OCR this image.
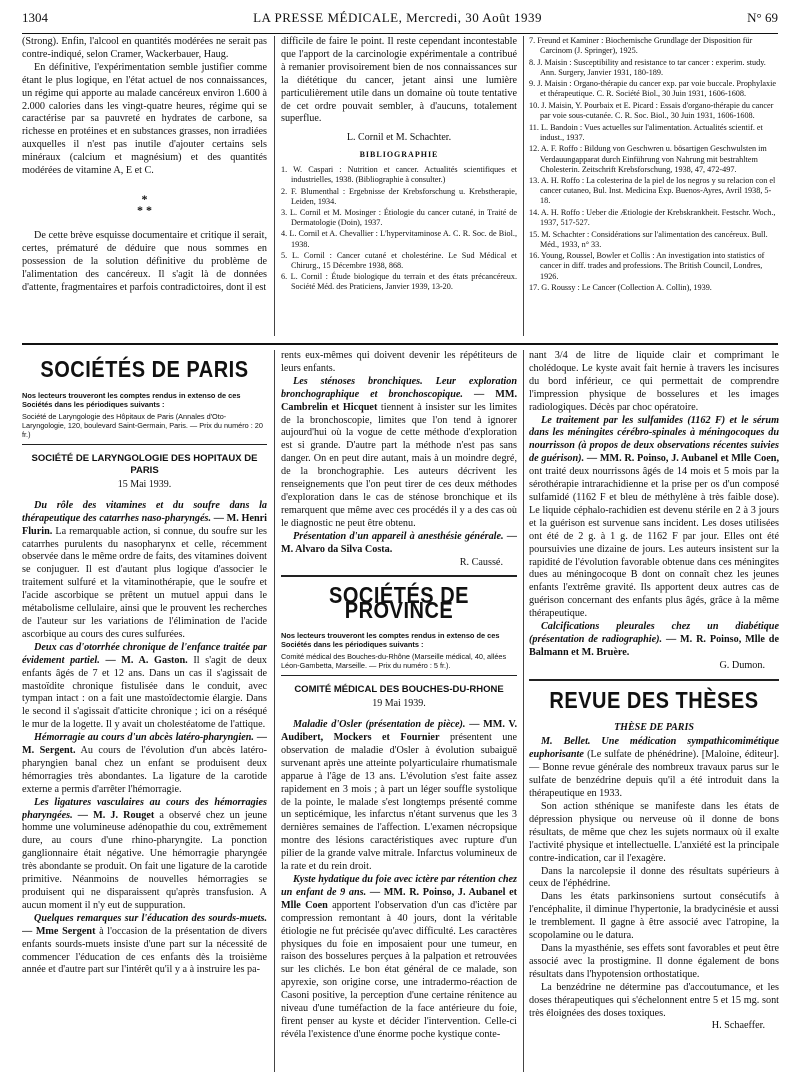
1304	LA PRESSE MÉDICALE, Mercredi, 30 Août 1939	N° 69

(Strong). Enfin, l'alcool en quantités modérées ne serait pas contre-indiqué, selon Cramer, Wackerbauer, Haug.

En définitive, l'expérimentation semble justifier comme étant le plus logique, en l'état actuel de nos connaissances, un régime qui apporte au malade cancéreux environ 1.600 à 2.000 calories dans les vingt-quatre heures, régime qui se caractérise par sa pauvreté en hydrates de carbone, sa richesse en protéines et en substances grasses, non irradiées auxquelles il n'est pas inutile d'ajouter certains sels minéraux (calcium et magnésium) et des quantités modérées de vitamine A, E et C.

*
* *

De cette brève esquisse documentaire et critique il serait, certes, prématuré de déduire que nous sommes en possession de la solution définitive du problème de l'alimentation des cancéreux. Il s'agit là de données d'attente, fragmentaires et parfois contradictoires, dont il est

difficile de faire le point. Il reste cependant incontestable que l'apport de la carcinologie expérimentale a contribué à remanier provisoirement bien de nos connaissances sur la diététique du cancer, jetant ainsi une lumière particulièrement utile dans un domaine où toute tentative de cet ordre pouvait sembler, à d'aucuns, totalement superflue.

L. Cornil et M. Schachter.
BIBLIOGRAPHIE
1. W. Caspari : Nutrition et cancer. Actualités scientifiques et industrielles, 1938. (Bibliographie à consulter.)
2. F. Blumenthal : Ergebnisse der Krebsforschung u. Krebstherapie, Leiden, 1934.
3. L. Cornil et M. Mosinger : Étiologie du cancer cutané, in Traité de Dermatologie (Doin), 1937.
4. L. Cornil et A. Chevallier : L'hypervitaminose A. C. R. Soc. de Biol., 1938.
5. L. Cornil : Cancer cutané et cholestérine. Le Sud Médical et Chirurg., 15 Décembre 1938, 868.
6. L. Cornil : Étude biologique du terrain et des états précancéreux. Société Méd. des Praticiens, Janvier 1939, 13-20.
7. Freund et Kaminer : Biochemische Grundlage der Disposition für Carcinom (J. Springer), 1925.
8. J. Maisin : Susceptibility and resistance to tar cancer : experim. study. Ann. Surgery, Janvier 1931, 180-189.
9. J. Maisin : Organo-thérapie du cancer exp. par voie buccale. Prophylaxie et thérapeutique. C. R. Société Biol., 30 Juin 1931, 1606-1608.
10. J. Maisin, Y. Pourbaix et E. Picard : Essais d'organo-thérapie du cancer par voie sous-cutanée. C. R. Soc. Biol., 30 Juin 1931, 1606-1608.
11. L. Bandoin : Vues actuelles sur l'alimentation. Actualités scientif. et indust., 1937.
12. A. F. Roffo : Bildung von Geschwren u. bösartigen Geschwulsten im Verdauungapparat durch Einführung von Nahrung mit bestrahltem Cholesterin. Zeitschrift Krebsforschung, 1938, 47, 472-497.
13. A. H. Roffo : La colesterina de la piel de los negros y su relacion con el cancer cutaneo, Bul. Inst. Medicina Exp. Buenos-Ayres, Avril 1938, 5-18.
14. A. H. Roffo : Ueber die Ætiologie der Krebskrankheit. Festschr. Woch., 1937, 517-527.
15. M. Schachter : Considérations sur l'alimentation des cancéreux. Bull. Méd., 1933, n° 33.
16. Young, Roussel, Bowler et Collis : An investigation into statistics of cancer in diff. trades and professions. The British Council, Londres, 1926.
17. G. Roussy : Le Cancer (Collection A. Collin), 1939.
SOCIÉTÉS DE PARIS
Nos lecteurs trouveront les comptes rendus in extenso de ces Sociétés dans les périodiques suivants :
Société de Laryngologie des Hôpitaux de Paris (Annales d'Oto-Laryngologie, 120, boulevard Saint-Germain, Paris. — Prix du numéro : 20 fr.)
SOCIÉTÉ DE LARYNGOLOGIE DES HOPITAUX DE PARIS
15 Mai 1939.

Du rôle des vitamines et du soufre dans la thérapeutique des catarrhes naso-pharyngés. — M. Henri Flurin. La remarquable action, si connue, du soufre sur les catarrhes purulents du nasopharynx et celle, récemment observée dans le même ordre de faits, des vitamines doivent se conjuguer. Il est d'autant plus logique d'associer le traitement sulfuré et la vitaminothérapie, que le soufre et l'acide ascorbique se prêtent un mutuel appui dans le métabolisme cellulaire, ainsi que le prouvent les recherches de l'auteur sur les variations de l'élimination de l'acide ascorbique au cours des cures sulfurées.

Deux cas d'otorrhée chronique de l'enfance traitée par évidement partiel. — M. A. Gaston. Il s'agit de deux enfants âgés de 7 et 12 ans. Dans un cas il s'agissait de mastoïdite chronique fistulisée dans le conduit, avec tympan intact : on a fait une mastoïdectomie élargie. Dans le second il s'agissait d'atticite chronique ; ici on a réséqué le mur de la logette. Il y avait un cholestéatome de l'attique.

Hémorragie au cours d'un abcès latéro-pharyngien. — M. Sergent. Au cours de l'évolution d'un abcès latéro-pharyngien banal chez un enfant se produisent deux hémorragies très abondantes. La ligature de la carotide externe a permis d'arrêter l'hémorragie.

Les ligatures vasculaires au cours des hémorragies pharyngées. — M. J. Rouget a observé chez un jeune homme une volumineuse adénopathie du cou, extrêmement dure, au cours d'une rhino-pharyngite. La ponction ganglionnaire était négative. Une hémorragie pharyngée très abondante se produit. On fait une ligature de la carotide primitive. Néanmoins de nouvelles hémorragies se produisent qui ne disparaissent qu'après transfusion. A aucun moment il n'y eut de suppuration.

Quelques remarques sur l'éducation des sourds-muets. — Mme Sergent à l'occasion de la présentation de divers enfants sourds-muets insiste d'une part sur la nécessité de commencer l'éducation de ces enfants dès la troisième année et d'autre part sur l'intérêt qu'il y a à instruire les pa-

rents eux-mêmes qui doivent devenir les répétiteurs de leurs enfants.

Les sténoses bronchiques. Leur exploration bronchographique et bronchoscopique. — MM. Cambrelin et Hicquet tiennent à insister sur les limites de la bronchoscopie, limites que l'on tend à ignorer aujourd'hui où la vogue de cette méthode d'exploration est si grande. D'autre part la méthode n'est pas sans danger. On en peut dire autant, mais à un moindre degré, de la bronchographie. Les auteurs décrivent les renseignements que l'on peut tirer de ces deux méthodes d'exploration dans le cas de sténose bronchique et ils remarquent que même avec ces procédés il y a des cas où le diagnostic ne peut être obtenu.

Présentation d'un appareil à anesthésie générale. — M. Alvaro da Silva Costa.

R. Caussé.
SOCIÉTÉS DE PROVINCE
Nos lecteurs trouveront les comptes rendus in extenso de ces Sociétés dans les périodiques suivants :
Comité médical des Bouches-du-Rhône (Marseille médical, 40, allées Léon-Gambetta, Marseille. — Prix du numéro : 5 fr.).
COMITÉ MÉDICAL DES BOUCHES-DU-RHONE
19 Mai 1939.

Maladie d'Osler (présentation de pièce). — MM. V. Audibert, Mockers et Fournier présentent une observation de maladie d'Osler à évolution subaiguë survenant après une atteinte polyarticulaire rhumatismale apparue à l'âge de 13 ans. L'évolution s'est faite assez rapidement en 3 mois ; à part un léger souffle systolique de la pointe, le malade s'est longtemps présenté comme un septicémique, les infarctus n'étant survenus que les 3 dernières semaines de l'affection. L'examen nécropsique montre des lésions caractéristiques avec rupture d'un pilier de la grande valve mitrale. Infarctus volumineux de la rate et du rein droit.

Kyste hydatique du foie avec ictère par rétention chez un enfant de 9 ans. — MM. R. Poinso, J. Aubanel et Mlle Coen apportent l'observation d'un cas d'ictère par compression remontant à 40 jours, dont la véritable étiologie ne fut précisée qu'avec difficulté. Les caractères physiques du foie en imposaient pour une tumeur, en raison des bosselures perçues à la palpation et retrouvées sur les clichés. Le bon état général de ce malade, son apyrexie, son origine corse, une intradermo-réaction de Casoni positive, la perception d'une certaine rénitence au niveau d'une tuméfaction de la face antérieure du foie, firent penser au kyste et décider l'intervention. Celle-ci révéla l'existence d'une énorme poche kystique conte-

nant 3/4 de litre de liquide clair et comprimant le cholédoque. Le kyste avait fait hernie à travers les incisures du bord inférieur, ce qui permettait de comprendre l'impression physique de bosselures et les images radiologiques. Décès par choc opératoire.

Le traitement par les sulfamides (1162 F) et le sérum dans les méningites cérébro-spinales à méningocoques du nourrisson (à propos de deux observations récentes suivies de guérison). — MM. R. Poinso, J. Aubanel et Mlle Coen, ont traité deux nourrissons âgés de 14 mois et 5 mois par la sérothérapie intrarachidienne et la prise per os d'un composé sulfamidé (1162 F et bleu de méthylène à très faible dose). Le liquide céphalo-rachidien est devenu stérile en 2 à 3 jours et la guérison est survenue sans incident. Les doses utilisées ont été de 2 g. à 1 g. de 1162 F par jour. Elles ont été poursuivies une dizaine de jours. Les auteurs insistent sur la rapidité de l'évolution favorable obtenue dans ces méningites dues au méningocoque B dont on connaît chez les jeunes enfants l'extrême gravité. Ils apportent deux autres cas de guérison concernant des enfants plus âgés, grâce à la même thérapeutique.

Calcifications pleurales chez un diabétique (présentation de radiographie). — M. R. Poinso, Mlle de Balmann et M. Bruère.

G. Dumon.
REVUE DES THÈSES
THÈSE DE PARIS

M. Bellet. Une médication sympathicomimétique euphorisante (Le sulfate de phénédrine). [Maloine, éditeur]. — Bonne revue générale des nombreux travaux parus sur le sulfate de benzédrine depuis qu'il a été introduit dans la thérapeutique en 1933.

Son action sthénique se manifeste dans les états de dépression physique ou nerveuse où il donne de bons résultats, de même que chez les sujets normaux où il exalte l'activité physique et intellectuelle. L'anxiété est la principale contre-indication, car il l'exagère.

Dans la narcolepsie il donne des résultats supérieurs à ceux de l'éphédrine.

Dans les états parkinsoniens surtout consécutifs à l'encéphalite, il diminue l'hypertonie, la bradycinésie et aussi le tremblement. Il gagne à être associé avec l'atropine, la scopolamine ou le datura.

Dans la myasthénie, ses effets sont favorables et peut être associé avec la prostigmine. Il donne également de bons résultats dans l'hypotension orthostatique.

La benzédrine ne détermine pas d'accoutumance, et les doses thérapeutiques qui s'échelonnent entre 5 et 15 mg. sont très éloignées des doses toxiques.

H. Schaeffer.
